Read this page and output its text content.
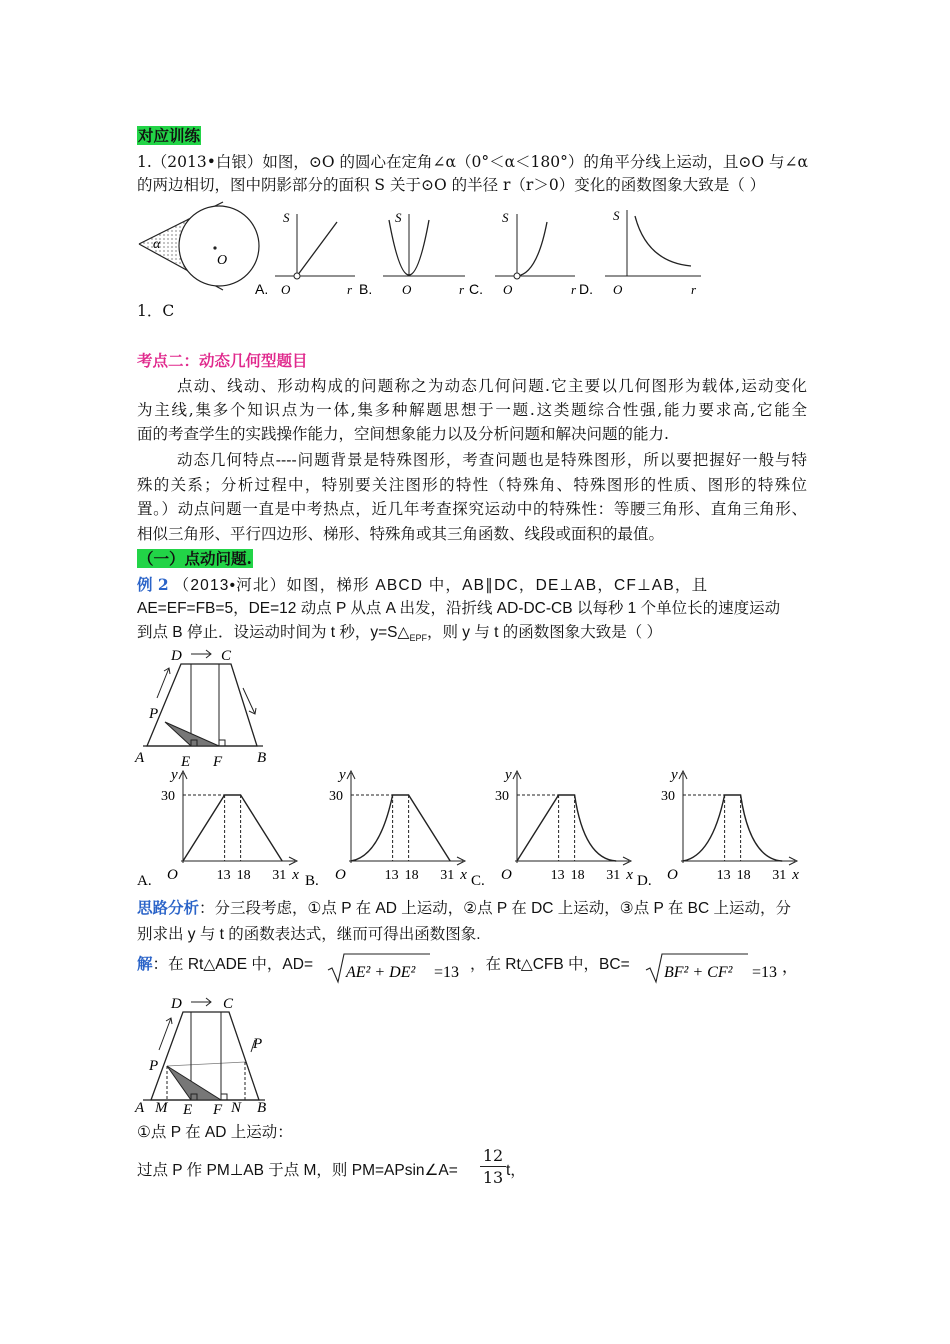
对应训练
1.（2013•白银）如图，⊙O 的圆心在定角∠α（0°＜α＜180°）的角平分线上运动，且⊙O 与∠α
的两边相切，图中阴影部分的面积 S 关于⊙O 的半径 r（r＞0）变化的函数图象大致是（ ）
α
O
S
O	r
A.
S
O	r
B.
S
O	r
C.
S
O	r
D.
1．C
考点二：动态几何型题目
点动、线动、形动构成的问题称之为动态几何问题.它主要以几何图形为载体,运动变化
为主线,集多个知识点为一体,集多种解题思想于一题.这类题综合性强,能力要求高,它能全
面的考查学生的实践操作能力，空间想象能力以及分析问题和解决问题的能力.
动态几何特点----问题背景是特殊图形，考查问题也是特殊图形，所以要把握好一般与特
殊的关系；分析过程中，特别要关注图形的特性（特殊角、特殊图形的性质、图形的特殊位
置。）动点问题一直是中考热点，近几年考查探究运动中的特殊性：等腰三角形、直角三角形、
相似三角形、平行四边形、梯形、特殊角或其三角函数、线段或面积的最值。
（一）点动问题.
例 2 （2013•河北）如图，梯形 ABCD 中，AB∥DC，DE⊥AB，CF⊥AB，且
AE=EF=FB=5，DE=12 动点 P 从点 A 出发，沿折线 AD-DC-CB 以每秒 1 个单位长的速度运动
到点 B 停止．设运动时间为 t 秒，$y=S\triangle_{EPF}$，则 y 与 t 的函数图象大致是（ ）
D	C
P
A E F B
y
30
O	13 18 31 x
A.
y
30
O	13 18 31 x
B.
y
30
O	13 18 31 x
C.
y
30
O	13 18 31 x
D.
思路分析：分三段考虑，①点 P 在 AD 上运动，②点 P 在 DC 上运动，③点 P 在 BC 上运动，分
别求出 y 与 t 的函数表达式，继而可得出函数图象.
解：在 Rt△ADE 中，AD= AE² + DE² =13 ，在 Rt△CFB 中，BC= BF² + CF² =13 ，
D	C
P
P
A M E F N B
①点 P 在 AD 上运动：
过点 P 作 PM⊥AB 于点 M，则 PM=APsin∠A=
12
13 t，
